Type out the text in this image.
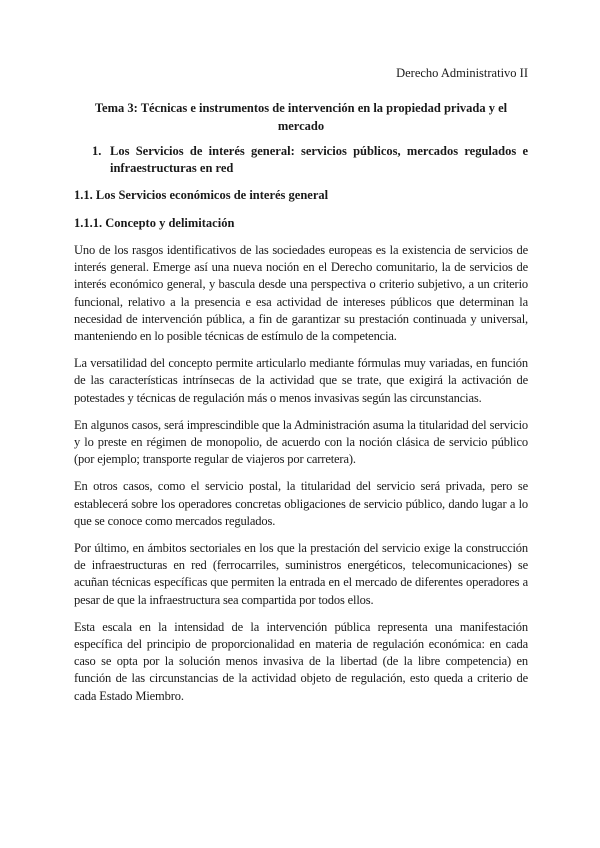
Derecho Administrativo II
Tema 3: Técnicas e instrumentos de intervención en la propiedad privada y el mercado
1. Los Servicios de interés general: servicios públicos, mercados regulados e infraestructuras en red
1.1. Los Servicios económicos de interés general
1.1.1. Concepto y delimitación

Uno de los rasgos identificativos de las sociedades europeas es la existencia de servicios de interés general. Emerge así una nueva noción en el Derecho comunitario, la de servicios de interés económico general, y bascula desde una perspectiva o criterio subjetivo, a un criterio funcional, relativo a la presencia e esa actividad de intereses públicos que determinan la necesidad de intervención pública, a fin de garantizar su prestación continuada y universal, manteniendo en lo posible técnicas de estímulo de la competencia.

La versatilidad del concepto permite articularlo mediante fórmulas muy variadas, en función de las características intrínsecas de la actividad que se trate, que exigirá la activación de potestades y técnicas de regulación más o menos invasivas según las circunstancias.

En algunos casos, será imprescindible que la Administración asuma la titularidad del servicio y lo preste en régimen de monopolio, de acuerdo con la noción clásica de servicio público (por ejemplo; transporte regular de viajeros por carretera).

En otros casos, como el servicio postal, la titularidad del servicio será privada, pero se establecerá sobre los operadores concretas obligaciones de servicio público, dando lugar a lo que se conoce como mercados regulados.

Por último, en ámbitos sectoriales en los que la prestación del servicio exige la construcción de infraestructuras en red (ferrocarriles, suministros energéticos, telecomunicaciones) se acuñan técnicas específicas que permiten la entrada en el mercado de diferentes operadores a pesar de que la infraestructura sea compartida por todos ellos.

Esta escala en la intensidad de la intervención pública representa una manifestación específica del principio de proporcionalidad en materia de regulación económica: en cada caso se opta por la solución menos invasiva de la libertad (de la libre competencia) en función de las circunstancias de la actividad objeto de regulación, esto queda a criterio de cada Estado Miembro.
